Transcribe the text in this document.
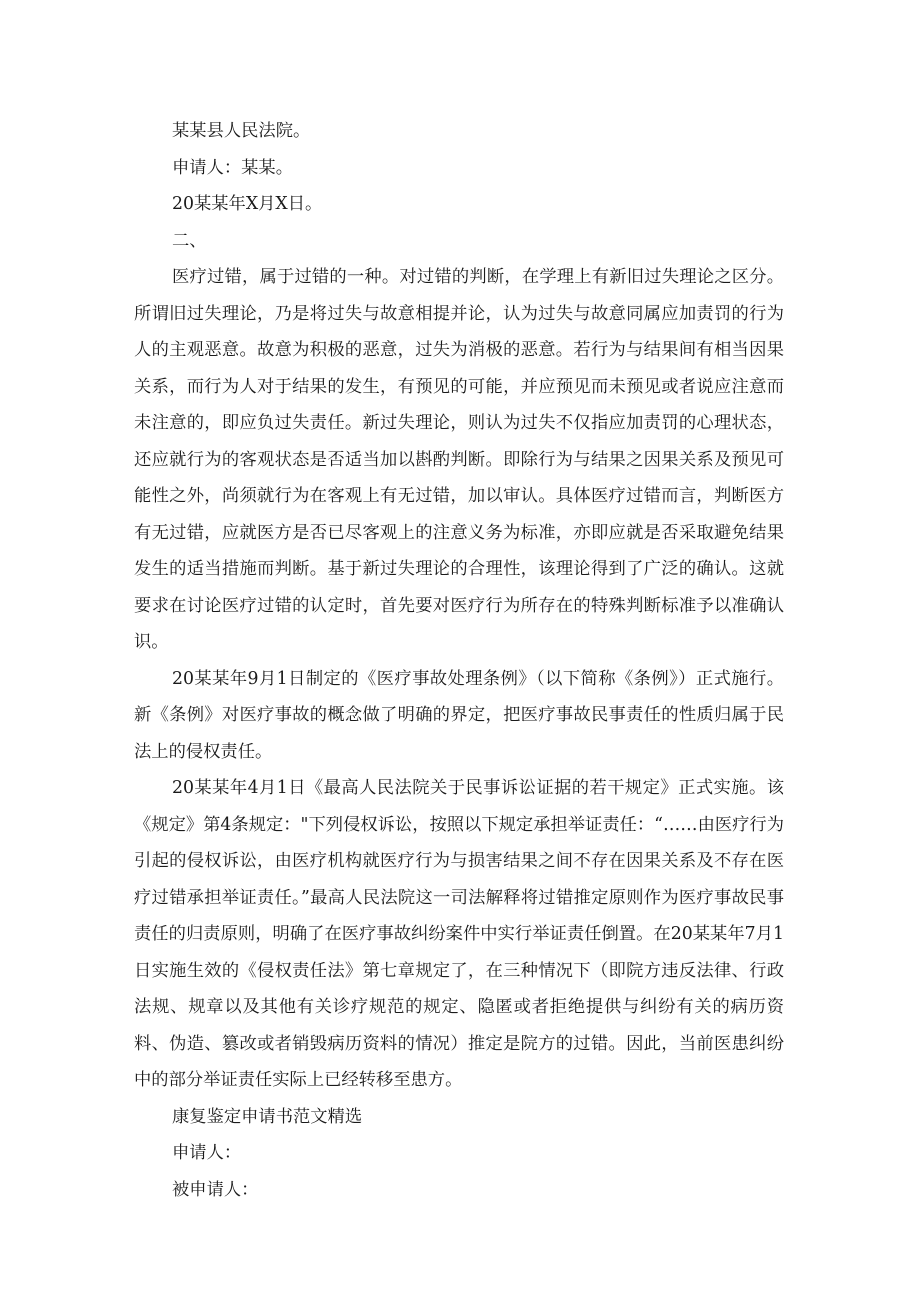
某某县人民法院。

申请人：某某。

20某某年X月X日。

二、

医疗过错，属于过错的一种。对过错的判断，在学理上有新旧过失理论之区分。所谓旧过失理论，乃是将过失与故意相提并论，认为过失与故意同属应加责罚的行为人的主观恶意。故意为积极的恶意，过失为消极的恶意。若行为与结果间有相当因果关系，而行为人对于结果的发生，有预见的可能，并应预见而未预见或者说应注意而未注意的，即应负过失责任。新过失理论，则认为过失不仅指应加责罚的心理状态，还应就行为的客观状态是否适当加以斟酌判断。即除行为与结果之因果关系及预见可能性之外，尚须就行为在客观上有无过错，加以审认。具体医疗过错而言，判断医方有无过错，应就医方是否已尽客观上的注意义务为标准，亦即应就是否采取避免结果发生的适当措施而判断。基于新过失理论的合理性，该理论得到了广泛的确认。这就要求在讨论医疗过错的认定时，首先要对医疗行为所存在的特殊判断标准予以准确认识。

20某某年9月1日制定的《医疗事故处理条例》（以下简称《条例》）正式施行。新《条例》对医疗事故的概念做了明确的界定，把医疗事故民事责任的性质归属于民法上的侵权责任。

20某某年4月1日《最高人民法院关于民事诉讼证据的若干规定》正式实施。该《规定》第4条规定："下列侵权诉讼，按照以下规定承担举证责任：“……由医疗行为引起的侵权诉讼，由医疗机构就医疗行为与损害结果之间不存在因果关系及不存在医疗过错承担举证责任。”最高人民法院这一司法解释将过错推定原则作为医疗事故民事责任的归责原则，明确了在医疗事故纠纷案件中实行举证责任倒置。在20某某年7月1日实施生效的《侵权责任法》第七章规定了，在三种情况下（即院方违反法律、行政法规、规章以及其他有关诊疗规范的规定、隐匿或者拒绝提供与纠纷有关的病历资料、伪造、篡改或者销毁病历资料的情况）推定是院方的过错。因此，当前医患纠纷中的部分举证责任实际上已经转移至患方。

康复鉴定申请书范文精选

申请人：

被申请人：
